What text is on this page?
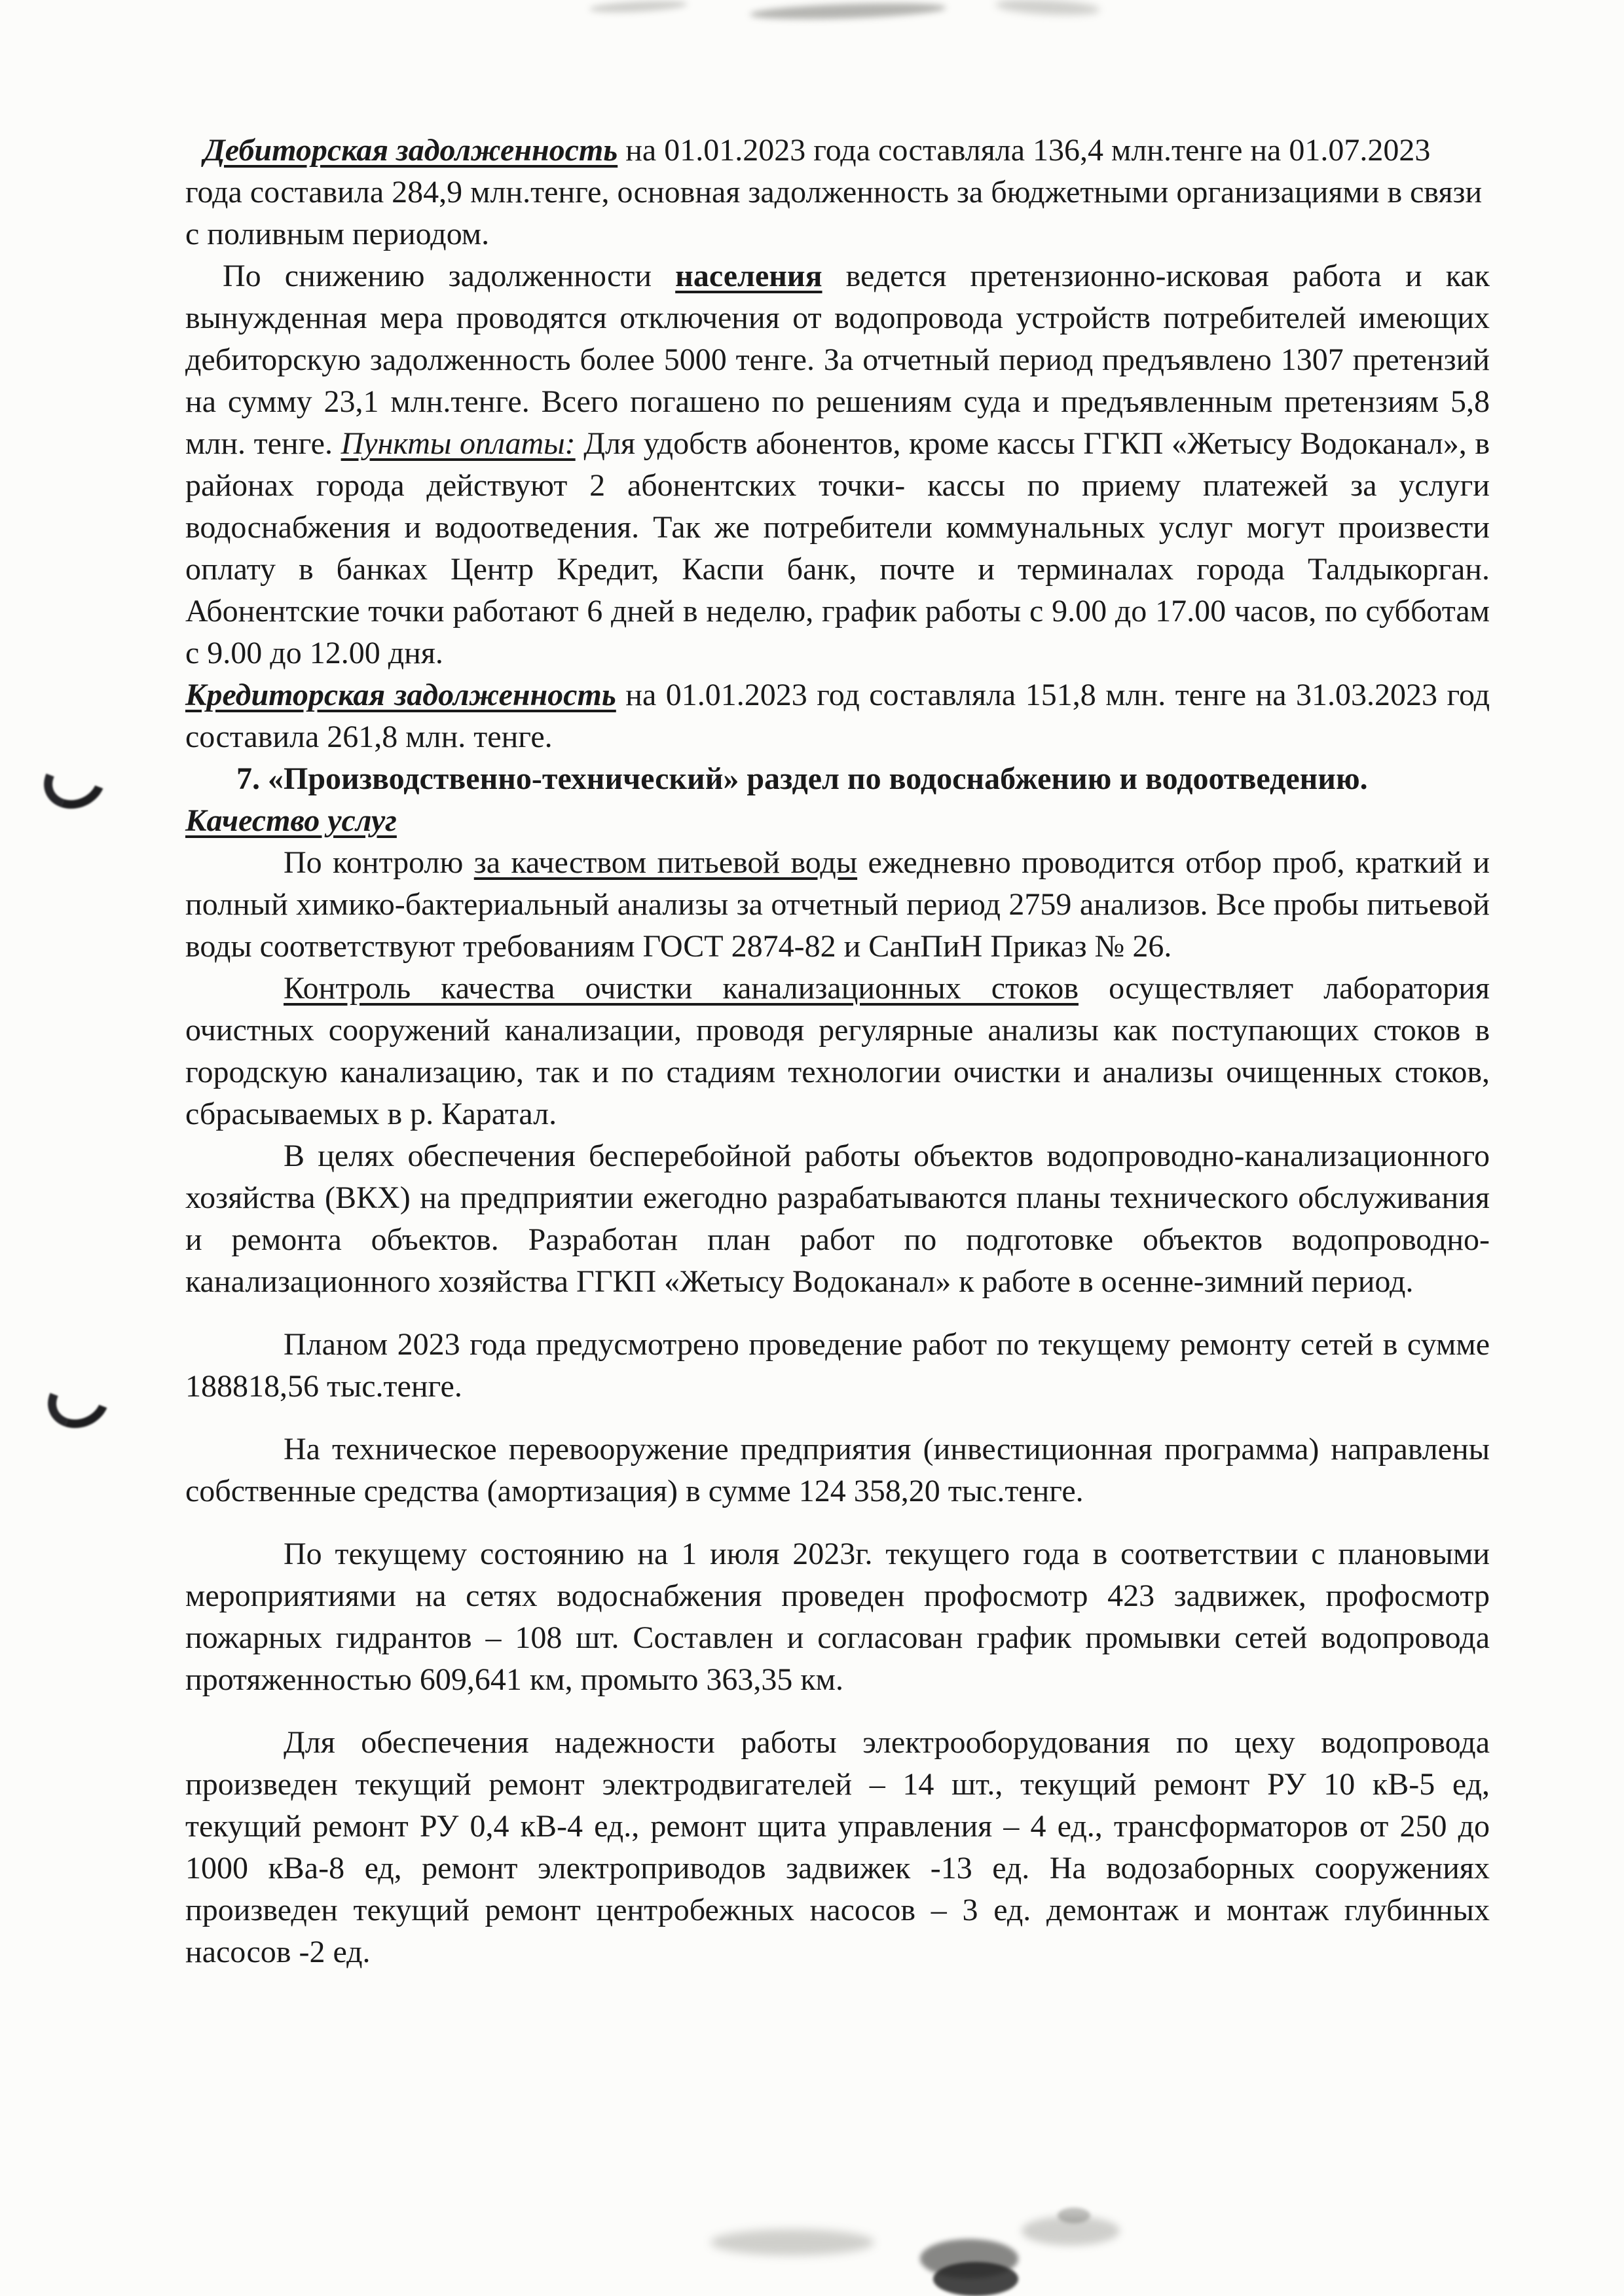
Дебиторская задолженность на 01.01.2023 года составляла 136,4 млн.тенге на 01.07.2023 года составила 284,9 млн.тенге, основная задолженность за бюджетными организациями в связи с поливным периодом.

По снижению задолженности населения ведется претензионно-исковая работа и как вынужденная мера проводятся отключения от водопровода устройств потребителей имеющих дебиторскую задолженность более 5000 тенге. За отчетный период предъявлено 1307 претензий на сумму 23,1 млн.тенге. Всего погашено по решениям суда и предъявленным претензиям 5,8 млн. тенге. Пункты оплаты: Для удобств абонентов, кроме кассы ГГКП «Жетысу Водоканал», в районах города действуют 2 абонентских точки- кассы по приему платежей за услуги водоснабжения и водоотведения. Так же потребители коммунальных услуг могут произвести оплату в банках Центр Кредит, Каспи банк, почте и терминалах города Талдыкорган. Абонентские точки работают 6 дней в неделю, график работы с 9.00 до 17.00 часов, по субботам с 9.00 до 12.00 дня.

Кредиторская задолженность на 01.01.2023 год составляла 151,8 млн. тенге на 31.03.2023 год составила 261,8 млн. тенге.

7. «Производственно-технический» раздел по водоснабжению и водоотведению.

Качество услуг

По контролю за качеством питьевой воды ежедневно проводится отбор проб, краткий и полный химико-бактериальный анализы за отчетный период 2759 анализов. Все пробы питьевой воды соответствуют требованиям ГОСТ 2874-82 и СанПиН Приказ № 26.

Контроль качества очистки канализационных стоков осуществляет лаборатория очистных сооружений канализации, проводя регулярные анализы как поступающих стоков в городскую канализацию, так и по стадиям технологии очистки и анализы очищенных стоков, сбрасываемых в р. Каратал.

В целях обеспечения бесперебойной работы объектов водопроводно-канализационного хозяйства (ВКХ) на предприятии ежегодно разрабатываются планы технического обслуживания и ремонта объектов. Разработан план работ по подготовке объектов водопроводно-канализационного хозяйства ГГКП «Жетысу Водоканал» к работе в осенне-зимний период.

Планом 2023 года предусмотрено проведение работ по текущему ремонту сетей в сумме 188818,56 тыс.тенге.

На техническое перевооружение предприятия (инвестиционная программа) направлены собственные средства (амортизация) в сумме 124 358,20 тыс.тенге.

По текущему состоянию на 1 июля 2023г. текущего года в соответствии с плановыми мероприятиями на сетях водоснабжения проведен профосмотр 423 задвижек, профосмотр пожарных гидрантов – 108 шт. Составлен и согласован график промывки сетей водопровода протяженностью 609,641 км, промыто 363,35 км.

Для обеспечения надежности работы электрооборудования по цеху водопровода произведен текущий ремонт электродвигателей – 14 шт., текущий ремонт РУ 10 кВ-5 ед, текущий ремонт РУ 0,4 кВ-4 ед., ремонт щита управления – 4 ед., трансформаторов от 250 до 1000 кВа-8 ед, ремонт электроприводов задвижек -13 ед. На водозаборных сооружениях произведен текущий ремонт центробежных насосов – 3 ед. демонтаж и монтаж глубинных насосов -2 ед.
